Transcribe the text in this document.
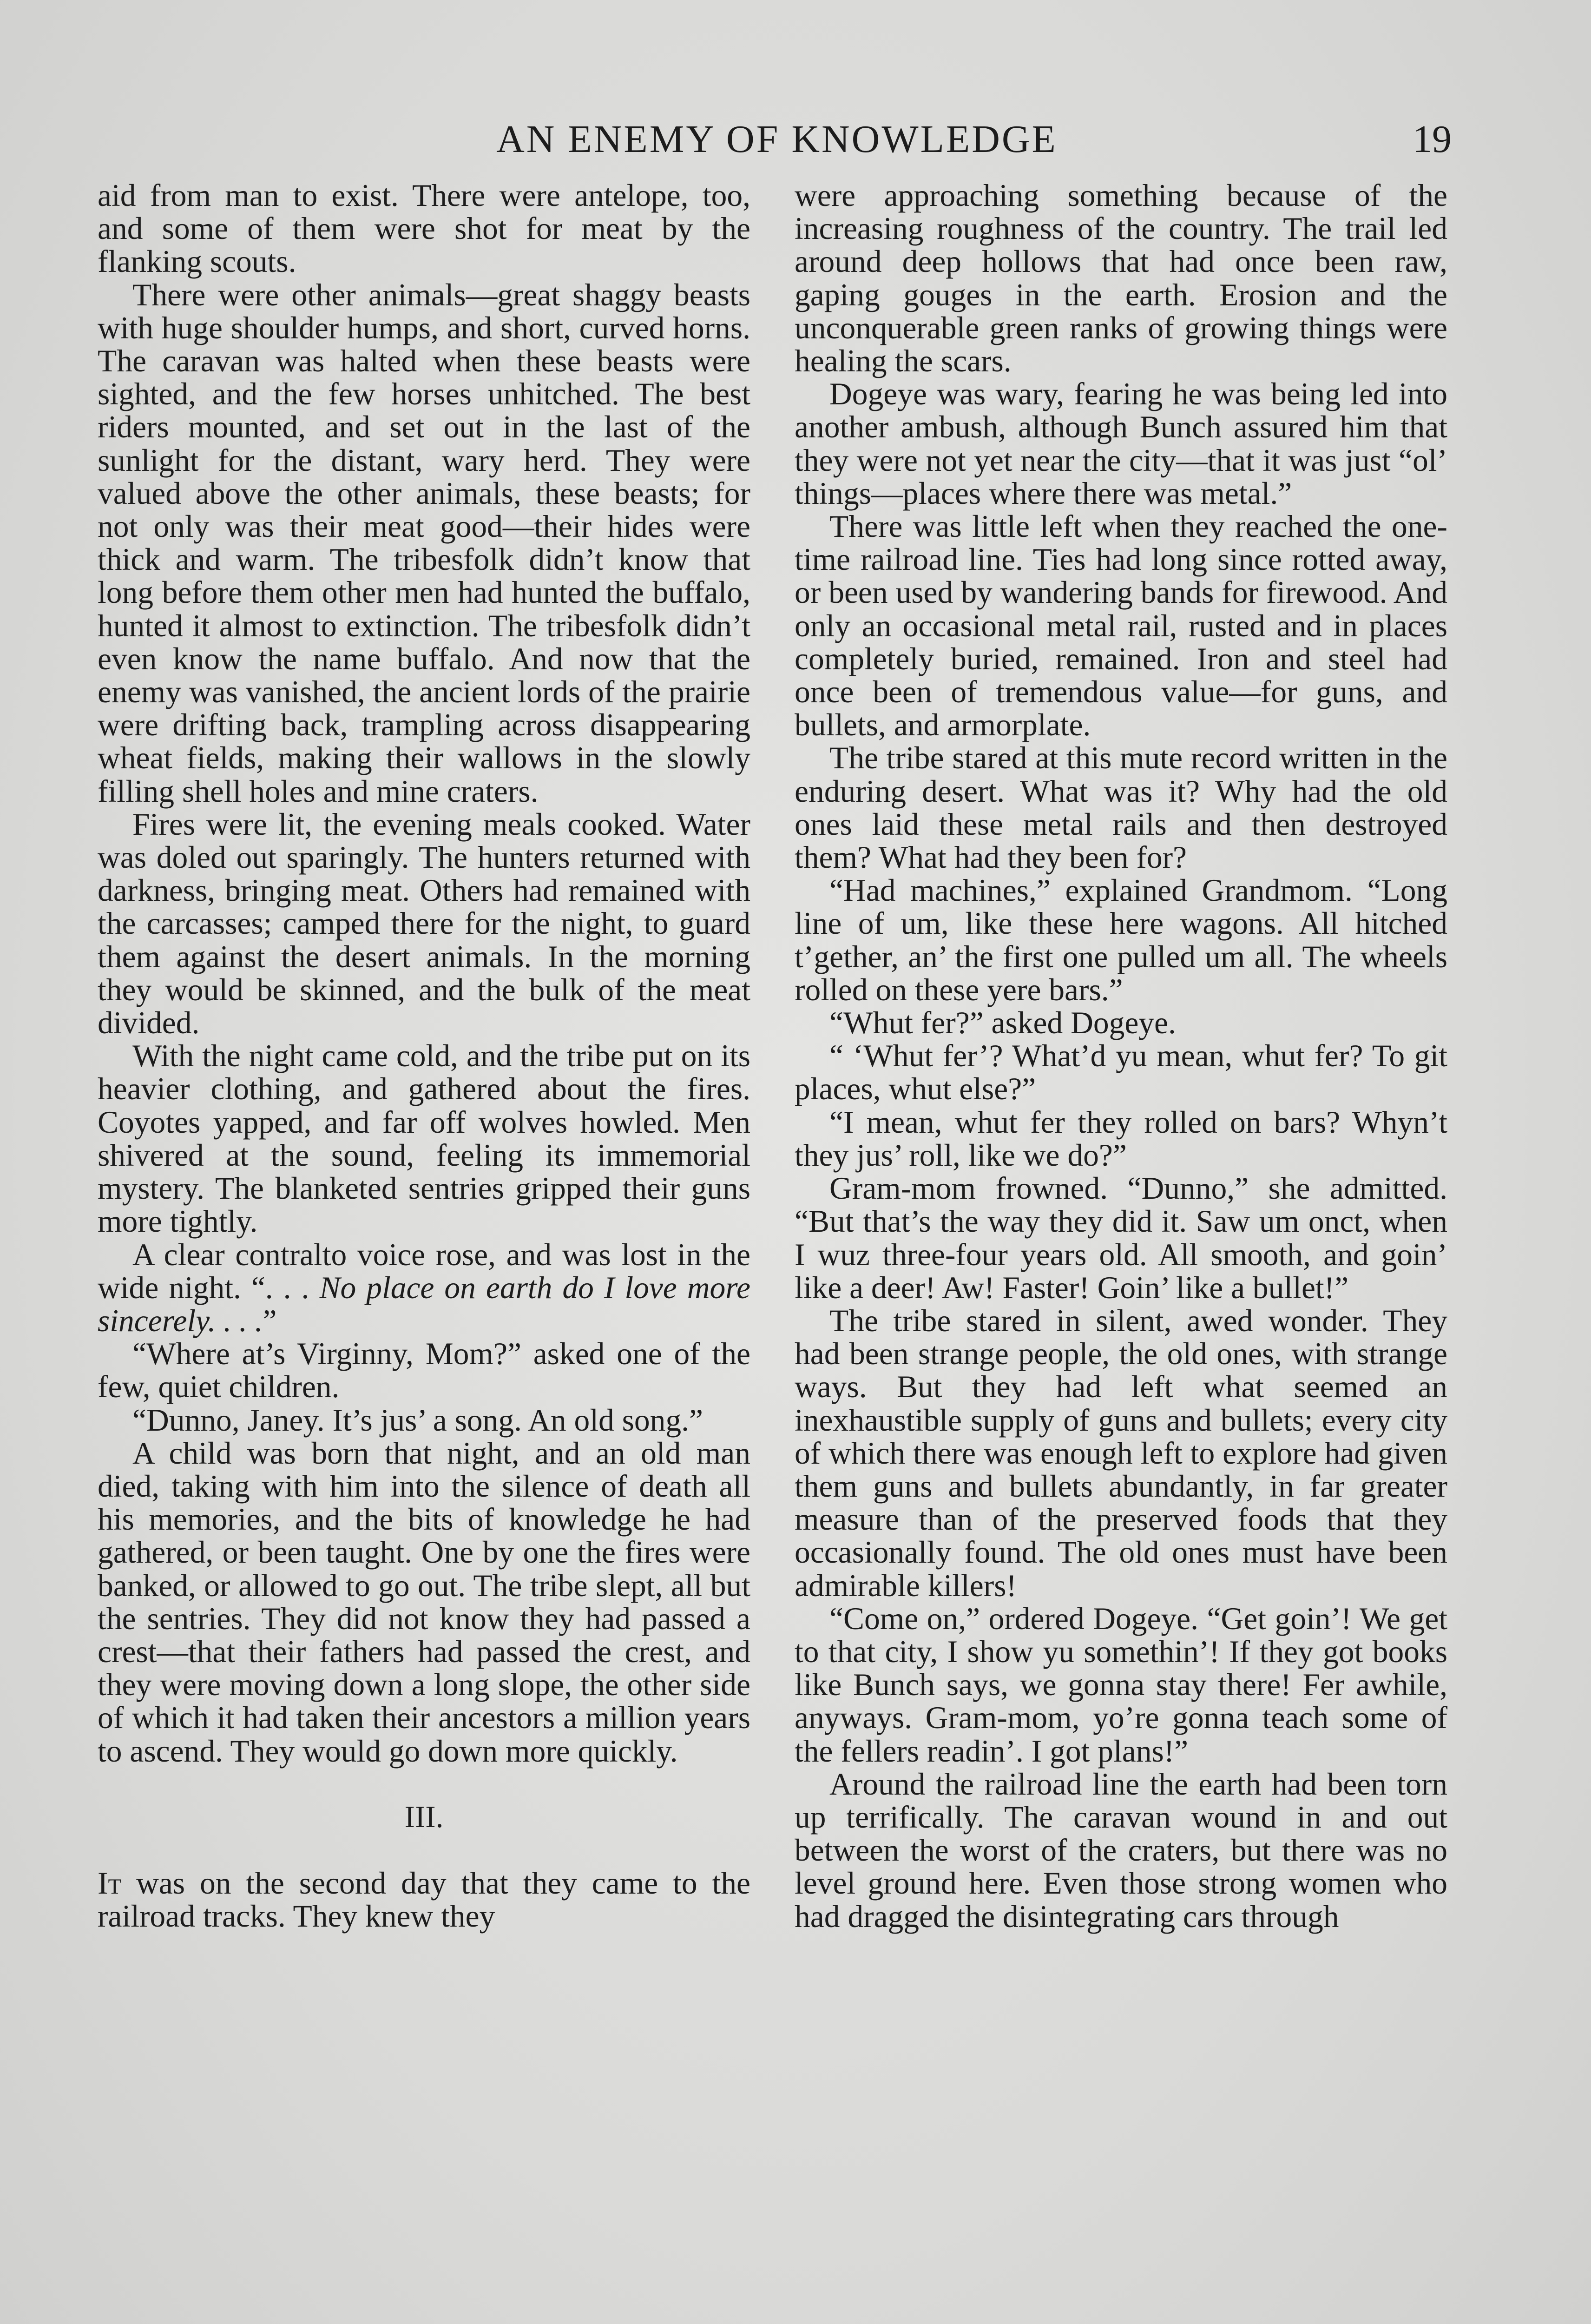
AN ENEMY OF KNOWLEDGE	19

aid from man to exist. There were antelope, too, and some of them were shot for meat by the flanking scouts.

There were other animals—great shaggy beasts with huge shoulder humps, and short, curved horns. The caravan was halted when these beasts were sighted, and the few horses unhitched. The best riders mounted, and set out in the last of the sunlight for the distant, wary herd. They were valued above the other animals, these beasts; for not only was their meat good—their hides were thick and warm. The tribesfolk didn’t know that long before them other men had hunted the buffalo, hunted it almost to extinction. The tribesfolk didn’t even know the name buffalo. And now that the enemy was vanished, the ancient lords of the prairie were drifting back, trampling across disappearing wheat fields, making their wallows in the slowly filling shell holes and mine craters.

Fires were lit, the evening meals cooked. Water was doled out sparingly. The hunters returned with darkness, bringing meat. Others had remained with the carcasses; camped there for the night, to guard them against the desert animals. In the morning they would be skinned, and the bulk of the meat divided.

With the night came cold, and the tribe put on its heavier clothing, and gathered about the fires. Coyotes yapped, and far off wolves howled. Men shivered at the sound, feeling its immemorial mystery. The blanketed sentries gripped their guns more tightly.

A clear contralto voice rose, and was lost in the wide night. “. . . No place on earth do I love more sincerely. . . .”

“Where at’s Virginny, Mom?” asked one of the few, quiet children.

“Dunno, Janey. It’s jus’ a song. An old song.”

A child was born that night, and an old man died, taking with him into the silence of death all his memories, and the bits of knowledge he had gathered, or been taught. One by one the fires were banked, or allowed to go out. The tribe slept, all but the sentries. They did not know they had passed a crest—that their fathers had passed the crest, and they were moving down a long slope, the other side of which it had taken their ancestors a million years to ascend. They would go down more quickly.

III.

It was on the second day that they came to the railroad tracks. They knew they

were approaching something because of the increasing roughness of the country. The trail led around deep hollows that had once been raw, gaping gouges in the earth. Erosion and the unconquerable green ranks of growing things were healing the scars.

Dogeye was wary, fearing he was being led into another ambush, although Bunch assured him that they were not yet near the city—that it was just “ol’ things—places where there was metal.”

There was little left when they reached the one-time railroad line. Ties had long since rotted away, or been used by wandering bands for firewood. And only an occasional metal rail, rusted and in places completely buried, remained. Iron and steel had once been of tremendous value—for guns, and bullets, and armorplate.

The tribe stared at this mute record written in the enduring desert. What was it? Why had the old ones laid these metal rails and then destroyed them? What had they been for?

“Had machines,” explained Grandmom. “Long line of um, like these here wagons. All hitched t’gether, an’ the first one pulled um all. The wheels rolled on these yere bars.”

“Whut fer?” asked Dogeye.

“ ‘Whut fer’? What’d yu mean, whut fer? To git places, whut else?”

“I mean, whut fer they rolled on bars? Whyn’t they jus’ roll, like we do?”

Gram-mom frowned. “Dunno,” she admitted. “But that’s the way they did it. Saw um onct, when I wuz three-four years old. All smooth, and goin’ like a deer! Aw! Faster! Goin’ like a bullet!”

The tribe stared in silent, awed wonder. They had been strange people, the old ones, with strange ways. But they had left what seemed an inexhaustible supply of guns and bullets; every city of which there was enough left to explore had given them guns and bullets abundantly, in far greater measure than of the preserved foods that they occasionally found. The old ones must have been admirable killers!

“Come on,” ordered Dogeye. “Get goin’! We get to that city, I show yu somethin’! If they got books like Bunch says, we gonna stay there! Fer awhile, anyways. Gram-mom, yo’re gonna teach some of the fellers readin’. I got plans!”

Around the railroad line the earth had been torn up terrifically. The caravan wound in and out between the worst of the craters, but there was no level ground here. Even those strong women who had dragged the disintegrating cars through
